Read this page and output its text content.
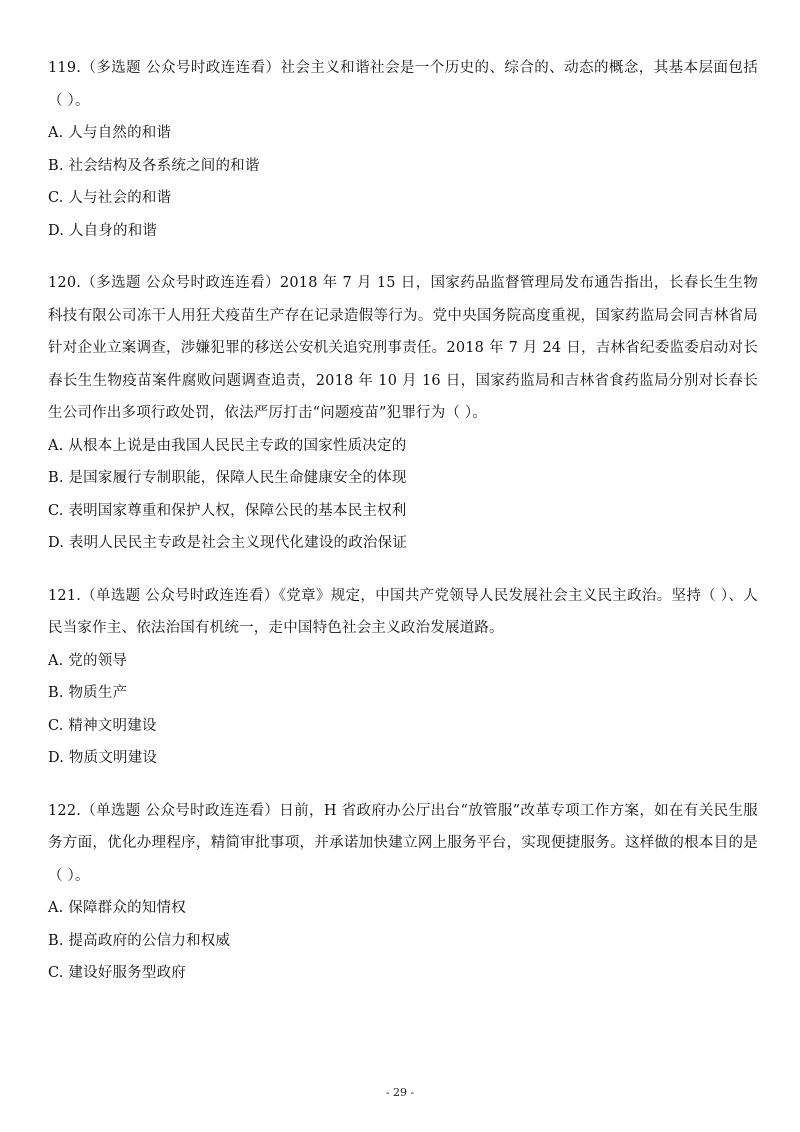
119.（多选题 公众号时政连连看）社会主义和谐社会是一个历史的、综合的、动态的概念，其基本层面包括（ ）。

A. 人与自然的和谐
B. 社会结构及各系统之间的和谐
C. 人与社会的和谐
D. 人自身的和谐

120.（多选题 公众号时政连连看）2018 年 7 月 15 日，国家药品监督管理局发布通告指出，长春长生生物科技有限公司冻干人用狂犬疫苗生产存在记录造假等行为。党中央国务院高度重视，国家药监局会同吉林省局针对企业立案调查，涉嫌犯罪的移送公安机关追究刑事责任。2018 年 7 月 24 日，吉林省纪委监委启动对长春长生生物疫苗案件腐败问题调查追责，2018 年 10 月 16 日，国家药监局和吉林省食药监局分别对长春长生公司作出多项行政处罚，依法严厉打击“问题疫苗”犯罪行为（ ）。

A. 从根本上说是由我国人民民主专政的国家性质决定的
B. 是国家履行专制职能，保障人民生命健康安全的体现
C. 表明国家尊重和保护人权，保障公民的基本民主权利
D. 表明人民民主专政是社会主义现代化建设的政治保证

121.（单选题 公众号时政连连看）《党章》规定，中国共产党领导人民发展社会主义民主政治。坚持（ ）、人民当家作主、依法治国有机统一，走中国特色社会主义政治发展道路。

A. 党的领导
B. 物质生产
C. 精神文明建设
D. 物质文明建设

122.（单选题 公众号时政连连看）日前，H 省政府办公厅出台“放管服”改革专项工作方案，如在有关民生服务方面，优化办理程序，精简审批事项，并承诺加快建立网上服务平台，实现便捷服务。这样做的根本目的是（ ）。

A. 保障群众的知情权
B. 提高政府的公信力和权威
C. 建设好服务型政府
- 29 -
